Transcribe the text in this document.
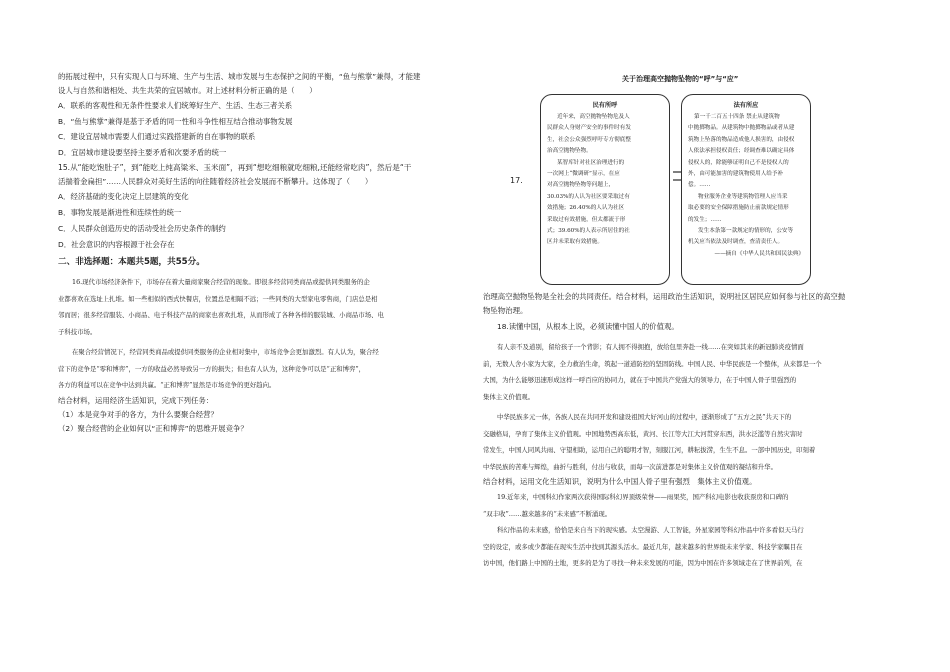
的拓展过程中，只有实现人口与环境、生产与生活、城市发展与生态保护之间的平衡，“鱼与熊掌”兼得，才能建

设人与自然和谐相处、共生共荣的宜居城市。对上述材料分析正确的是（　　）

A．联系的客观性和无条件性要求人们统筹好生产、生活、生态三者关系

B．“鱼与熊掌”兼得是基于矛盾的同一性和斗争性相互结合推动事物发展

C．建设宜居城市需要人们通过实践搭建新的自在事物的联系

D．宜居城市建设要坚持主要矛盾和次要矛盾的统一

15.从“能吃饱肚子”，到“能吃上纯高粱米、玉米面”，再到“想吃细粮就吃细粮,还能经常吃肉”，然后是“干

活揣着金扁担”……人民群众对美好生活的向往随着经济社会发展而不断攀升。这体现了（　　）

A．经济基础的变化决定上层建筑的变化

B．事物发展是渐进性和连续性的统一

C．人民群众创造历史的活动受社会历史条件的制约

D．社会意识的内容根源于社会存在

二、非选择题：本题共5题，共55分。

16.现代市场经济条件下，市场存在着大量商家聚合经营的现象。即很多经营同类商品或提供同类服务的企

业都喜欢在选址上扎堆。如一些相似的西式快餐店，位置总是相隔不远；一些同类的大型家电零售商，门店总是相

邻而居；很多经营服装、小商品、电子科技产品的商家也喜欢扎堆，从而形成了各种各样的服装城、小商品市场、电

子科技市场。

在聚合经营情况下，经营同类商品或提供同类服务的企业相对集中，市场竞争会更加激烈。有人认为，聚合经

营下的竞争是“零和博弈”，一方的收益必然导致另一方的损失；但也有人认为，这种竞争可以是“正和博弈”，

各方的利益可以在竞争中达到共赢。“正和博弈”显然是市场竞争的更好趋向。

结合材料，运用经济生活知识，完成下列任务：

（1）本是竞争对手的各方，为什么要聚合经营？

（2）聚合经营的企业如何以“正和博弈”的思维开展竞争？

关于治理高空抛物坠物的“呼”与“应”
17.
民有所呼
近年来，高空抛物坠物危及人
民群众人身财产安全的事件时有发
生，社会公众强烈呼吁专方彻底整
治高空抛物坠物。
某智库针对社区治理进行的
一次网上“微调研”显示，在应
对高空抛物坠物等问题上，
30.03%的人认为社区要采取过有
效措施；26.40%的人认为社区
采取过有效措施，但太都流于形
式；39.60%的人表示所居住的社
区并未采取有效措施。
法有所应
第一千二百五十四条 禁止从建筑物
中抛掷物品。从建筑物中抛掷物品或者从建
筑物上坠落的物品造成他人损害的，由侵权
人依法承担侵权责任；经调查难以确定具体
侵权人的，除能够证明自己不是侵权人的
外，由可能加害的建筑物使用人给予补
偿。……
物业服务企业等建筑物管理人应当采
取必要的安全保障措施防止前款规定情形
的发生；……
发生本条第一款规定的情形的，公安等
机关应当依法及时调查，查清责任人。
——摘自《中华人民共和国民法典》

治理高空抛物坠物是全社会的共同责任。结合材料，运用政治生活知识，说明社区居民应如何参与社区的高空抛

物坠物治理。

18.读懂中国，从根本上说，必须读懂中国人的价值观。

有人亲不及道别，留给孩子一个背影；有人拥不得拥抱，放给包里奔赴一线……在突如其来的新冠肺炎疫情面

前，无数人舍小家为大家，全力救治生命，筑起一道道防控的坚固防线。中国人民、中华民族是一个整体，从来都是一个

大国，为什么能够迅速形成这样一呼百应的协同力，就在于中国共产党强大的领导力，在于中国人骨子里强烈的

集体主义价值观。

中华民族多元一体，各族人民在共同开发和建设祖国大好河山的过程中，逐渐形成了“五方之民”共天下的

交融格局，孕育了集体主义价值观。中国地势西高东低，黄河、长江等大江大河贯穿东西，洪水泛滥等自然灾害时

常发生，中国人同风共雨、守望相助，运用自己的聪明才智，刻服江河，耕耘拔涝，生生不息。一部中国历史，印刻着

中华民族的苦难与辉煌，曲折与胜利，付出与收获，而每一次前进都是对集体主义价值观的凝结和升华。

结合材料，运用文化生活知识，说明为什么中国人骨子里有强烈　集体主义价值观。

19.近年来，中国科幻作家两次获得国际科幻界顶级荣誉——雨果奖，国产科幻电影也收获票房和口碑的

“双丰收”……越来越多的“未来感”不断涌现。

科幻作品的未来感，恰恰是来自当下的现实感。太空漫游、人工智能，外星家园等科幻作品中许多看似天马行

空的设定，或多或少都能在现实生活中找到其源头活水。最近几年，越来越多的世界级未来学家、科技学家瞩目在

访中国，他们路上中国的土地，更多的是为了寻找一种未来发展的可能，因为中国在许多领域走在了世界前列，在
